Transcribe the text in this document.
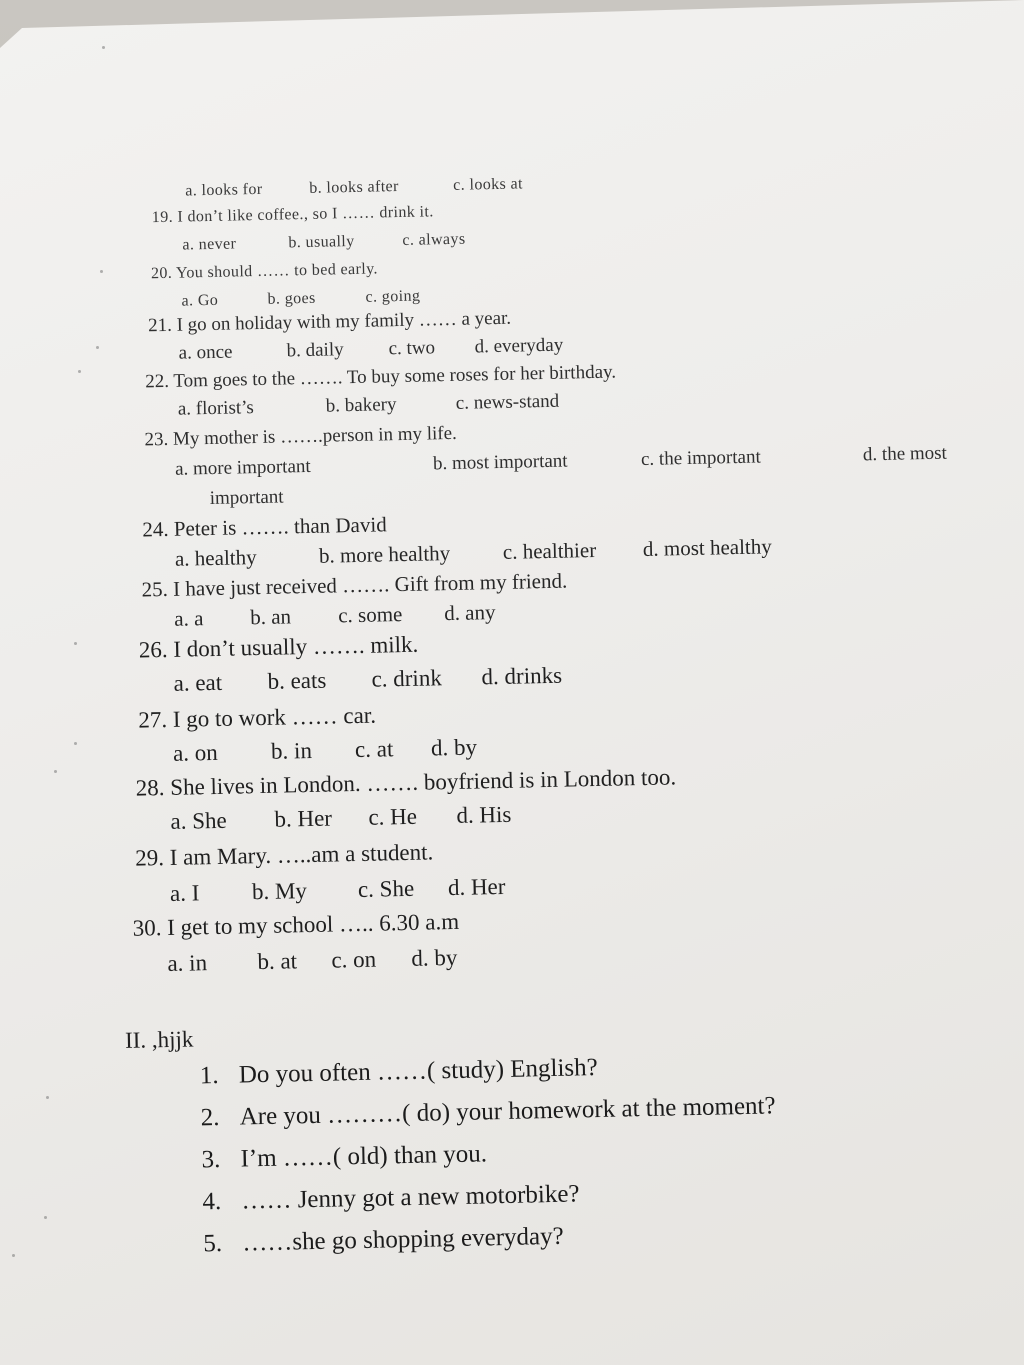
a. looks for	b. looks after	c. looks at
19. I don’t like coffee., so I …… drink it.
a. never	b. usually	c. always
20. You should …… to bed early.
a. Go	b. goes	c. going
21. I go on holiday with my family …… a year.
a. once	b. daily c. two d. everyday
22. Tom goes to the ……. To buy some roses for her birthday.
a. florist’s	b. bakery	c. news-stand
23. My mother is …….person in my life.
a. more important	b. most important	c. the important	d. the most
important
24. Peter is ……. than David
a. healthy	b. more healthy c. healthier d. most healthy
25. I have just received ……. Gift from my friend.
a. a b. an c. some d. any
26. I don’t usually ……. milk.
a. eat b. eats c. drink d. drinks
27. I go to work …… car.
a. on b. in c. at d. by
28. She lives in London. ……. boyfriend is in London too.
a. She b. Her c. He d. His
29. I am Mary. …..am a student.
a. I b. My c. She d. Her
30. I get to my school ….. 6.30 a.m
a. in b. at c. on d. by
II. ,hjjk
1. Do you often ……( study) English?
2. Are you ………( do) your homework at the moment?
3. I’m ……( old) than you.
4. …… Jenny got a new motorbike?
5. ……she go shopping everyday?
